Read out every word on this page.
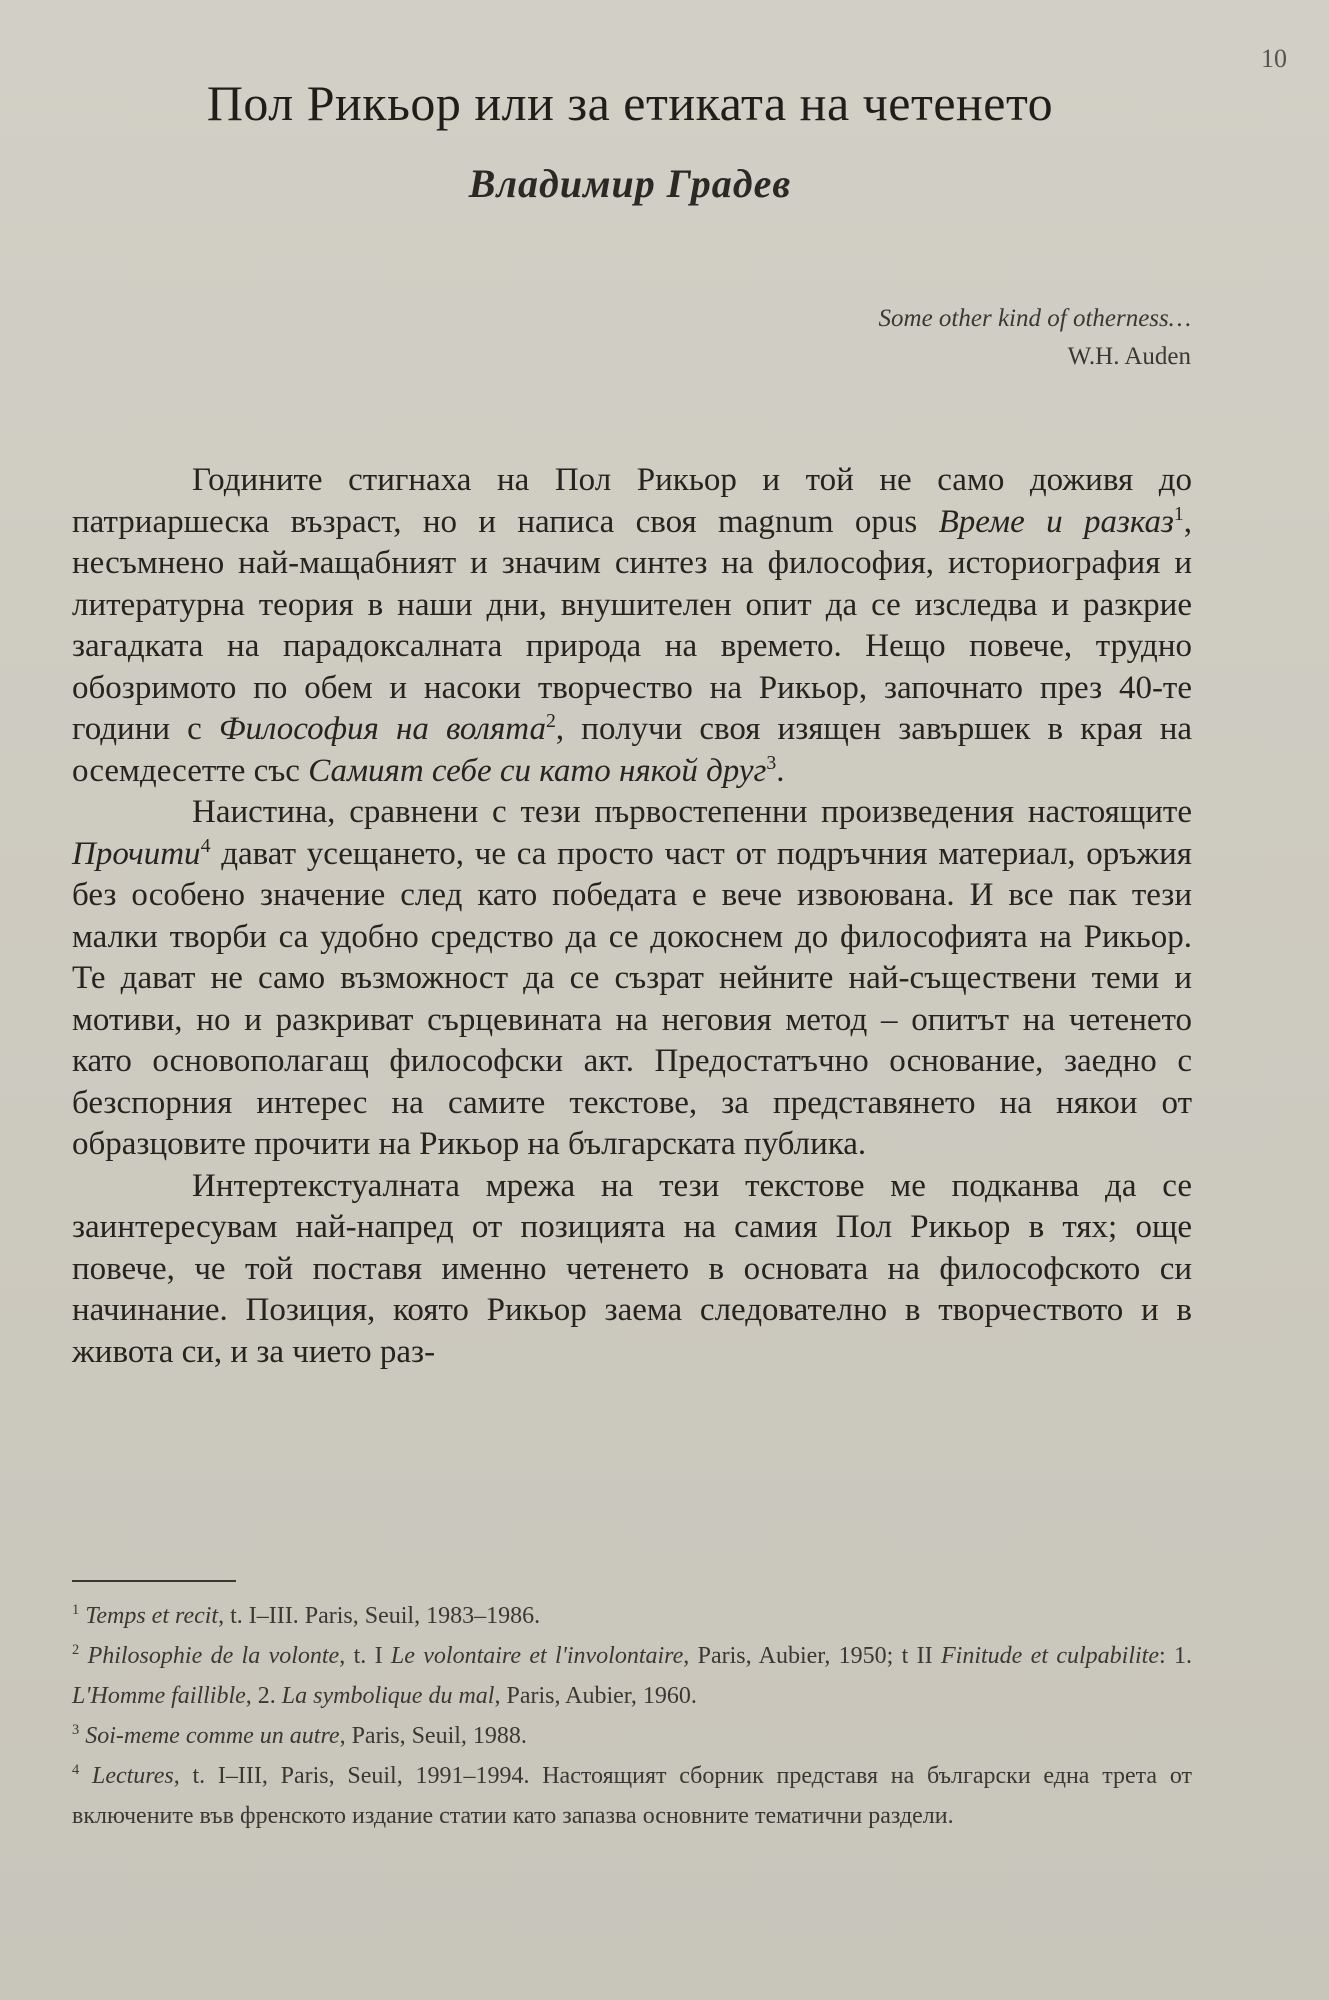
10
Пол Рикьор или за етиката на четенето
Владимир Градев
Some other kind of otherness…
W.H. Auden

Годините стигнаха на Пол Рикьор и той не само доживя до патриаршеска възраст, но и написа своя magnum opus Време и разказ$^1$, несъмнено най-мащабният и значим синтез на философия, историография и литературна теория в наши дни, внушителен опит да се изследва и разкрие загадката на парадоксалната природа на времето. Нещо повече, трудно обозримото по обем и насоки творчество на Рикьор, започнато през 40-те години с Философия на волята$^2$, получи своя изящен завършек в края на осемдесетте със Самият себе си като някой друг$^3$.

Наистина, сравнени с тези първостепенни произведения настоящите Прочити$^4$ дават усещането, че са просто част от подръчния материал, оръжия без особено значение след като победата е вече извоювана. И все пак тези малки творби са удобно средство да се докоснем до философията на Рикьор. Те дават не само възможност да се съзрат нейните най-съществени теми и мотиви, но и разкриват сърцевината на неговия метод – опитът на четенето като основополагащ философски акт. Предостатъчно основание, заедно с безспорния интерес на самите текстове, за представянето на някои от образцовите прочити на Рикьор на българската публика.

Интертекстуалната мрежа на тези текстове ме подканва да се заинтересувам най-напред от позицията на самия Пол Рикьор в тях; още повече, че той поставя именно четенето в основата на философското си начинание. Позиция, която Рикьор заема следователно в творчеството и в живота си, и за чието раз-

$^1$ Temps et recit, t. I–III. Paris, Seuil, 1983–1986.

$^2$ Philosophie de la volonte, t. I Le volontaire et l'involontaire, Paris, Aubier, 1950; t II Finitude et culpabilite: 1. L'Homme faillible, 2. La symbolique du mal, Paris, Aubier, 1960.

$^3$ Soi-meme comme un autre, Paris, Seuil, 1988.

$^4$ Lectures, t. I–III, Paris, Seuil, 1991–1994. Настоящият сборник представя на български една трета от включените във френското издание статии като запазва основните тематични раздели.
